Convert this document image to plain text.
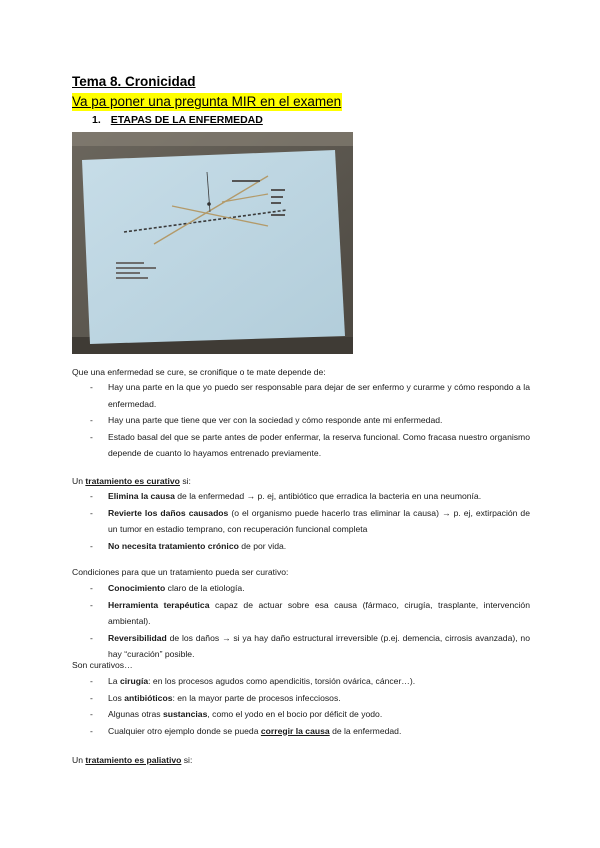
Tema 8. Cronicidad
Va pa poner una pregunta MIR en el examen
1. ETAPAS DE LA ENFERMEDAD
Que una enfermedad se cure, se cronifique o te mate depende de:
- Hay una parte en la que yo puedo ser responsable para dejar de ser enfermo y curarme y cómo respondo a la enfermedad.
- Hay una parte que tiene que ver con la sociedad y cómo responde ante mi enfermedad.
- Estado basal del que se parte antes de poder enfermar, la reserva funcional. Como fracasa nuestro organismo depende de cuanto lo hayamos entrenado previamente.
Un tratamiento es curativo si:
- Elimina la causa de la enfermedad → p. ej, antibiótico que erradica la bacteria en una neumonía.
- Revierte los daños causados (o el organismo puede hacerlo tras eliminar la causa) → p. ej, extirpación de un tumor en estadio temprano, con recuperación funcional completa
- No necesita tratamiento crónico de por vida.
Condiciones para que un tratamiento pueda ser curativo:
- Conocimiento claro de la etiología.
- Herramienta terapéutica capaz de actuar sobre esa causa (fármaco, cirugía, trasplante, intervención ambiental).
- Reversibilidad de los daños → si ya hay daño estructural irreversible (p.ej. demencia, cirrosis avanzada), no hay “curación” posible.
Son curativos…
- La cirugía: en los procesos agudos como apendicitis, torsión ovárica, cáncer…).
- Los antibióticos: en la mayor parte de procesos infecciosos.
- Algunas otras sustancias, como el yodo en el bocio por déficit de yodo.
- Cualquier otro ejemplo donde se pueda corregir la causa de la enfermedad.
Un tratamiento es paliativo si:
